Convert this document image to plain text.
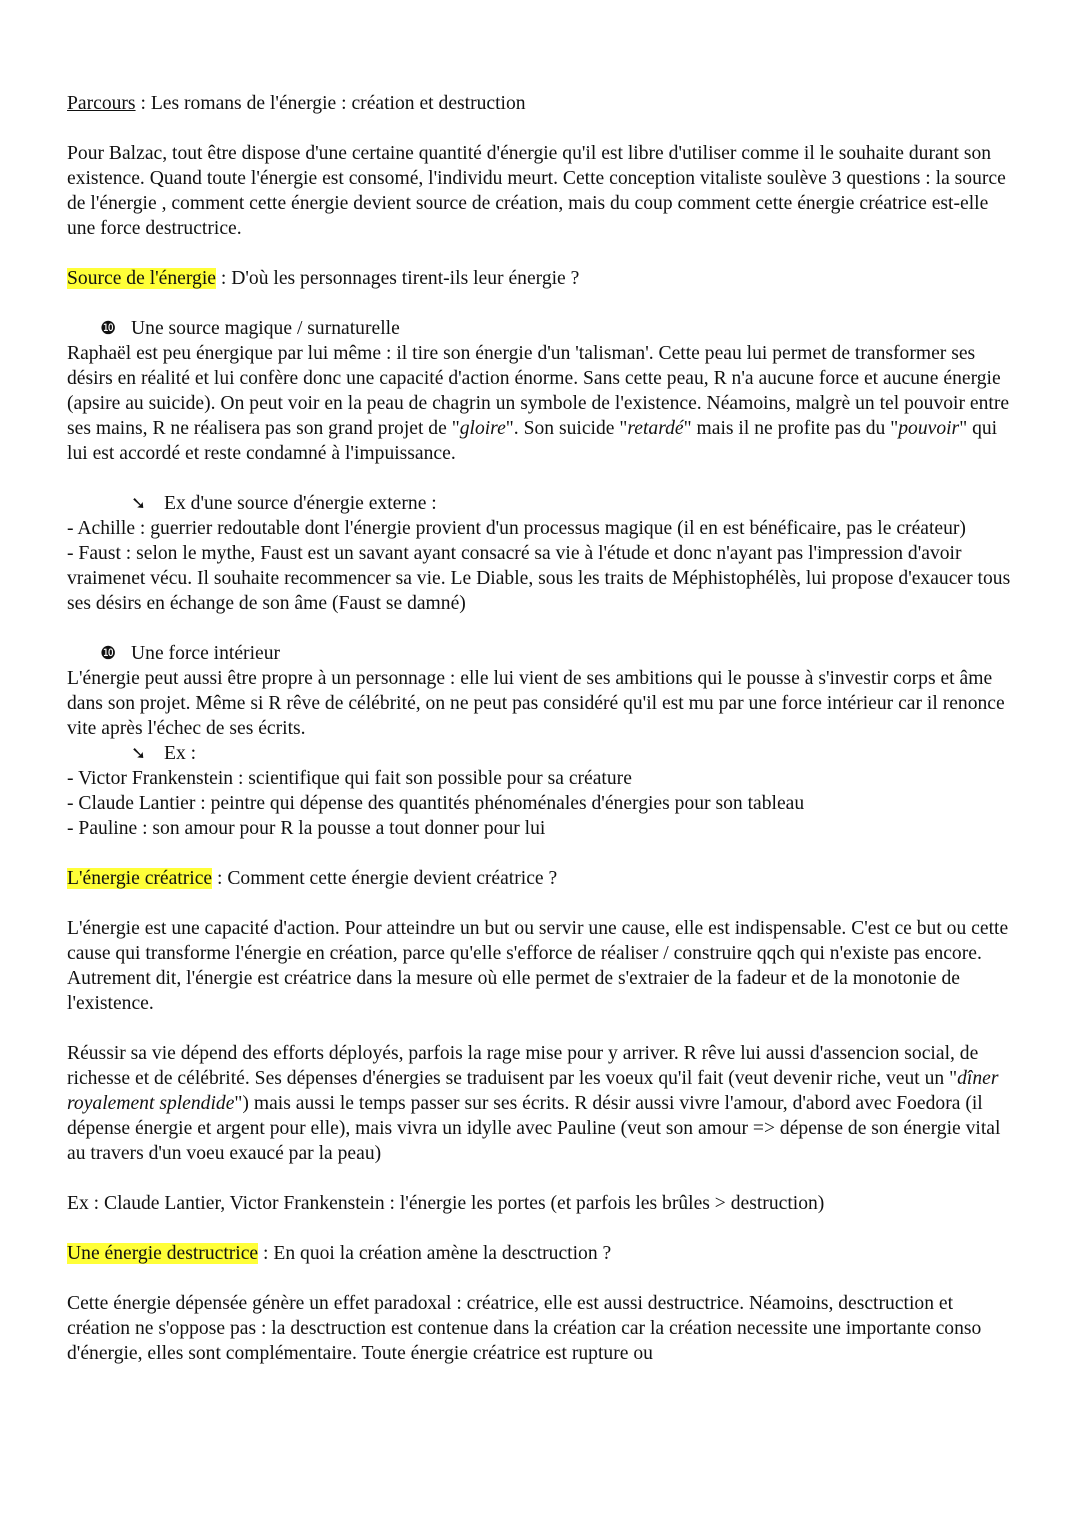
Parcours : Les romans de l'énergie : création et destruction

Pour Balzac, tout être dispose d'une certaine quantité d'énergie qu'il est libre d'utiliser comme il le souhaite durant son existence. Quand toute l'énergie est consomé, l'individu meurt. Cette conception vitaliste soulève 3 questions : la source de l'énergie , comment cette énergie devient source de création, mais du coup comment cette énergie créatrice est-elle une force destructrice.

Source de l'énergie : D'où les personnages tirent-ils leur énergie ?

❿ Une source magique / surnaturelle

Raphaël est peu énergique par lui même : il tire son énergie d'un 'talisman'. Cette peau lui permet de transformer ses désirs en réalité et lui confère donc une capacité d'action énorme. Sans cette peau, R n'a aucune force et aucune énergie (apsire au suicide). On peut voir en la peau de chagrin un symbole de l'existence. Néamoins, malgrè un tel pouvoir entre ses mains, R ne réalisera pas son grand projet de "gloire". Son suicide "retardé" mais il ne profite pas du "pouvoir" qui lui est accordé et reste condamné à l'impuissance.

➘ Ex d'une source d'énergie externe :

- Achille : guerrier redoutable dont l'énergie provient d'un processus magique (il en est bénéficaire, pas le créateur)

- Faust : selon le mythe, Faust est un savant ayant consacré sa vie à l'étude et donc n'ayant pas l'impression d'avoir vraimenet vécu. Il souhaite recommencer sa vie. Le Diable, sous les traits de Méphistophélès, lui propose d'exaucer tous ses désirs en échange de son âme (Faust se damné)

❿ Une force intérieur

L'énergie peut aussi être propre à un personnage : elle lui vient de ses ambitions qui le pousse à s'investir corps et âme dans son projet. Même si R rêve de célébrité, on ne peut pas considéré qu'il est mu par une force intérieur car il renonce vite après l'échec de ses écrits.

➘ Ex :

- Victor Frankenstein : scientifique qui fait son possible pour sa créature

- Claude Lantier : peintre qui dépense des quantités phénoménales d'énergies pour son tableau

- Pauline : son amour pour R la pousse a tout donner pour lui

L'énergie créatrice : Comment cette énergie devient créatrice ?

L'énergie est une capacité d'action. Pour atteindre un but ou servir une cause, elle est indispensable. C'est ce but ou cette cause qui transforme l'énergie en création, parce qu'elle s'efforce de réaliser / construire qqch qui n'existe pas encore. Autrement dit, l'énergie est créatrice dans la mesure où elle permet de s'extraier de la fadeur et de la monotonie de l'existence.

Réussir sa vie dépend des efforts déployés, parfois la rage mise pour y arriver. R rêve lui aussi d'assencion social, de richesse et de célébrité. Ses dépenses d'énergies se traduisent par les voeux qu'il fait (veut devenir riche, veut un "dîner royalement splendide") mais aussi le temps passer sur ses écrits. R désir aussi vivre l'amour, d'abord avec Foedora (il dépense énergie et argent pour elle), mais vivra un idylle avec Pauline (veut son amour => dépense de son énergie vital au travers d'un voeu exaucé par la peau)

Ex : Claude Lantier, Victor Frankenstein : l'énergie les portes (et parfois les brûles > destruction)

Une énergie destructrice : En quoi la création amène la desctruction ?

Cette énergie dépensée génère un effet paradoxal : créatrice, elle est aussi destructrice. Néamoins, desctruction et création ne s'oppose pas : la desctruction est contenue dans la création car la création necessite une importante conso d'énergie, elles sont complémentaire. Toute énergie créatrice est rupture ou
